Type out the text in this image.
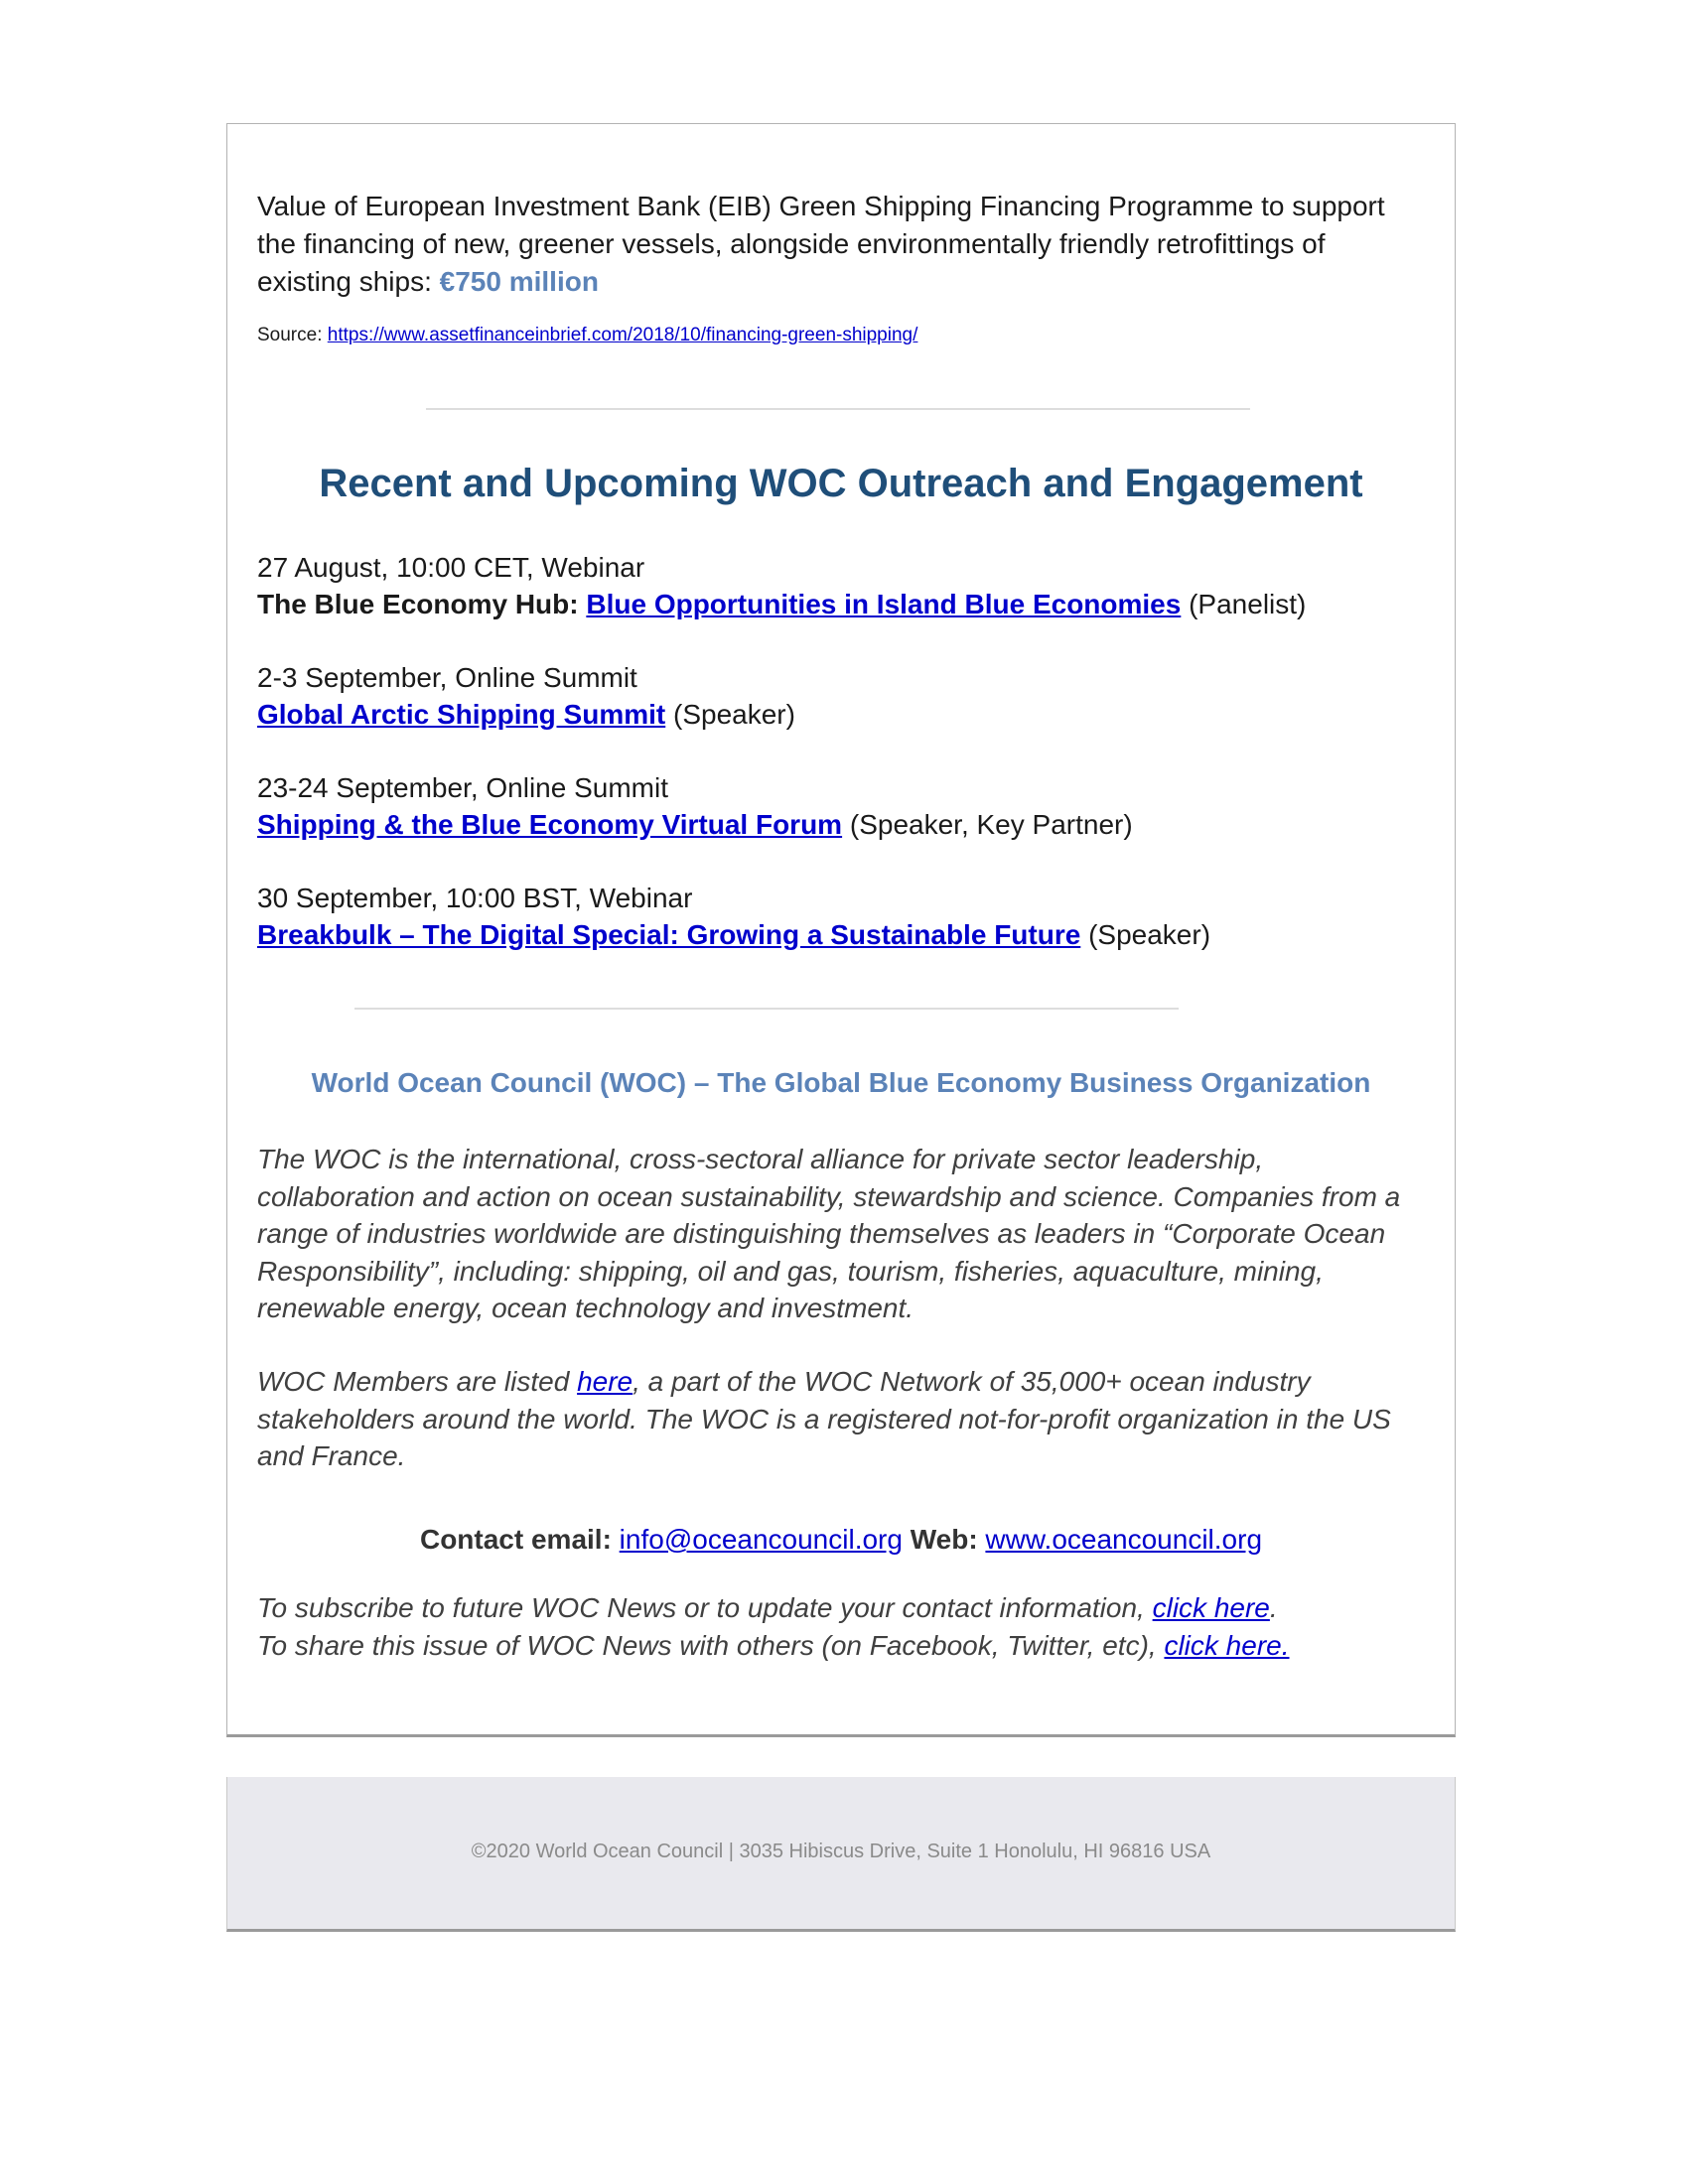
Value of European Investment Bank (EIB) Green Shipping Financing Programme to support the financing of new, greener vessels, alongside environmentally friendly retrofittings of existing ships: €750 million

Source: https://www.assetfinanceinbrief.com/2018/10/financing-green-shipping/

Recent and Upcoming WOC Outreach and Engagement
27 August, 10:00 CET, Webinar
The Blue Economy Hub: Blue Opportunities in Island Blue Economies (Panelist)
2-3 September, Online Summit
Global Arctic Shipping Summit (Speaker)
23-24 September, Online Summit
Shipping & the Blue Economy Virtual Forum (Speaker, Key Partner)
30 September, 10:00 BST, Webinar
Breakbulk – The Digital Special: Growing a Sustainable Future (Speaker)
World Ocean Council (WOC) – The Global Blue Economy Business Organization

The WOC is the international, cross-sectoral alliance for private sector leadership, collaboration and action on ocean sustainability, stewardship and science. Companies from a range of industries worldwide are distinguishing themselves as leaders in “Corporate Ocean Responsibility”, including: shipping, oil and gas, tourism, fisheries, aquaculture, mining, renewable energy, ocean technology and investment.

WOC Members are listed here, a part of the WOC Network of 35,000+ ocean industry stakeholders around the world. The WOC is a registered not-for-profit organization in the US and France.

Contact email: info@oceancouncil.org Web: www.oceancouncil.org

To subscribe to future WOC News or to update your contact information, click here.
To share this issue of WOC News with others (on Facebook, Twitter, etc), click here.

©2020 World Ocean Council | 3035 Hibiscus Drive, Suite 1 Honolulu, HI 96816 USA
